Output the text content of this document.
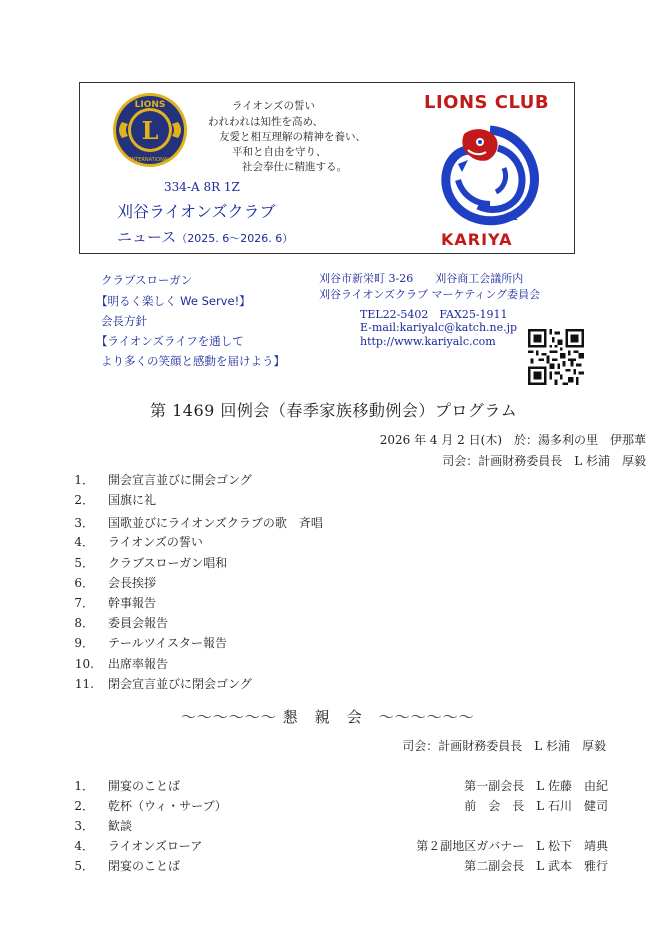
LIONS
INTERNATIONAL
L
ライオンズの誓い
われわれは知性を高め、
友愛と相互理解の精神を養い、
平和と自由を守り、
社会奉仕に精進する。
334-A 8R 1Z
刈谷ライオンズクラブ
ニュース（2025. 6～2026. 6）
LIONS CLUB
KARIYA
クラブスローガン
【明るく楽しく We Serve!】
会長方針
【ライオンズライフを通して
より多くの笑顔と感動を届けよう】
刈谷市新栄町 3-26　　刈谷商工会議所内
刈谷ライオンズクラブ マーケティング委員会
TEL22-5402　FAX25-1911
E-mail:kariyalc@katch.ne.jp
http://www.kariyalc.com
第 1469 回例会（春季家族移動例会）プログラム
2026 年 4 月 2 日(木)　於：湯多利の里　伊那華
司会：計画財務委員長　L 杉浦　厚毅
1． 開会宣言並びに開会ゴング
2． 国旗に礼
3． 国歌並びにライオンズクラブの歌　斉唱
4． ライオンズの誓い
5． クラブスローガン唱和
6． 会長挨拶
7． 幹事報告
8． 委員会報告
9． テールツイスター報告
10. 出席率報告
11. 閉会宣言並びに閉会ゴング
～～～～～～ 懇　親　会　～～～～～～
司会：計画財務委員長　L 杉浦　厚毅
1． 開宴のことば	第一副会長　L 佐藤　由紀
2． 乾杯（ウィ・サーブ）	前　会　長　L 石川　健司
3． 歓談
4． ライオンズローア	第２副地区ガバナー　L 松下　靖典
5． 閉宴のことば	第二副会長　L 武本　雅行
